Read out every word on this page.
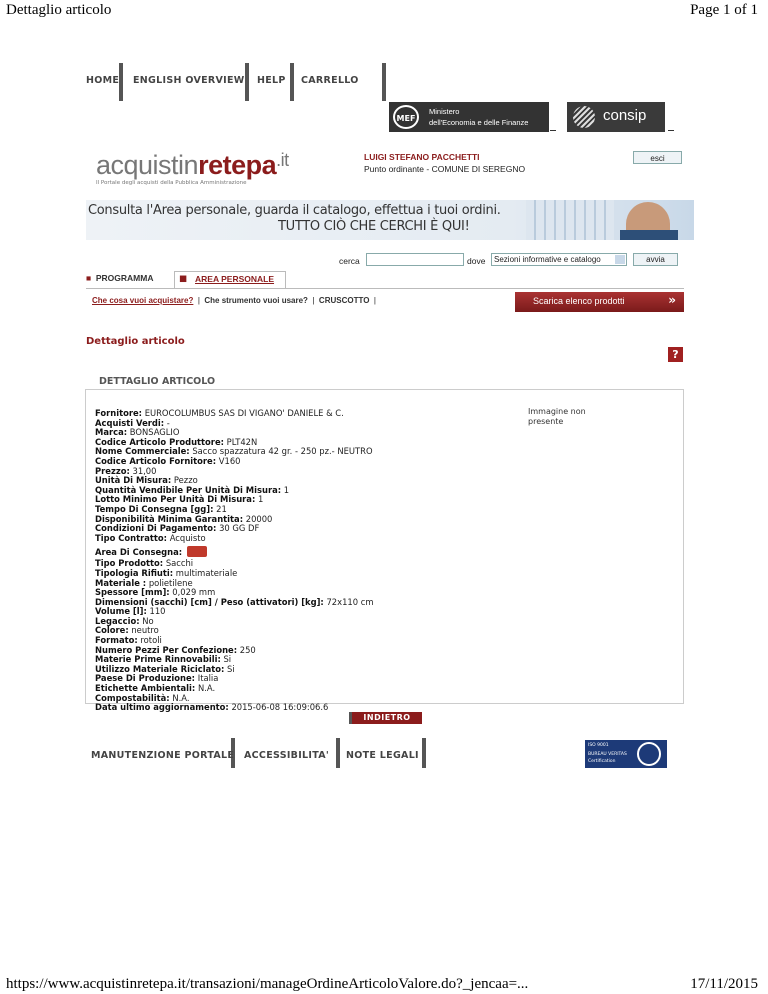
Dettaglio articolo	Page 1 of 1
HOME ENGLISH OVERVIEW HELP CARRELLO
MEF
Ministero
dell'Economia e delle Finanze	consip
acquistinretepa$^{.it}$
Il Portale degli acquisti della Pubblica Amministrazione
LUIGI STEFANO PACCHETTI
Punto ordinante - COMUNE DI SEREGNO
esci
Consulta l'Area personale, guarda il catalogo, effettua i tuoi ordini.
TUTTO CIÒ CHE CERCHI È QUI!
cerca	dove	Sezioni informative e catalogo	avvia
■ PROGRAMMA	■ AREA PERSONALE
Che cosa vuoi acquistare? | Che strumento vuoi usare? | CRUSCOTTO |	Scarica elenco prodotti	»
Dettaglio articolo
?
DETTAGLIO ARTICOLO
Immagine non presente
Fornitore: EUROCOLUMBUS SAS DI VIGANO' DANIELE & C.
Acquisti Verdi: -
Marca: BONSAGLIO
Codice Articolo Produttore: PLT42N
Nome Commerciale: Sacco spazzatura 42 gr. - 250 pz.- NEUTRO
Codice Articolo Fornitore: V160
Prezzo: 31,00
Unità Di Misura: Pezzo
Quantità Vendibile Per Unità Di Misura: 1
Lotto Minimo Per Unità Di Misura: 1
Tempo Di Consegna [gg]: 21
Disponibilità Minima Garantita: 20000
Condizioni Di Pagamento: 30 GG DF
Tipo Contratto: Acquisto
Area Di Consegna:
Tipo Prodotto: Sacchi
Tipologia Rifiuti: multimateriale
Materiale : polietilene
Spessore [mm]: 0,029 mm
Dimensioni (sacchi) [cm] / Peso (attivatori) [kg]: 72x110 cm
Volume [l]: 110
Legaccio: No
Colore: neutro
Formato: rotoli
Numero Pezzi Per Confezione: 250
Materie Prime Rinnovabili: Si
Utilizzo Materiale Riciclato: Si
Paese Di Produzione: Italia
Etichette Ambientali: N.A.
Compostabilità: N.A.
Data ultimo aggiornamento: 2015-06-08 16:09:06.6
INDIETRO
MANUTENZIONE PORTALE ACCESSIBILITA' NOTE LEGALI
ISO 9001
BUREAU VERITAS
Certification
https://www.acquistinretepa.it/transazioni/manageOrdineArticoloValore.do?_jencaa=...	17/11/2015
